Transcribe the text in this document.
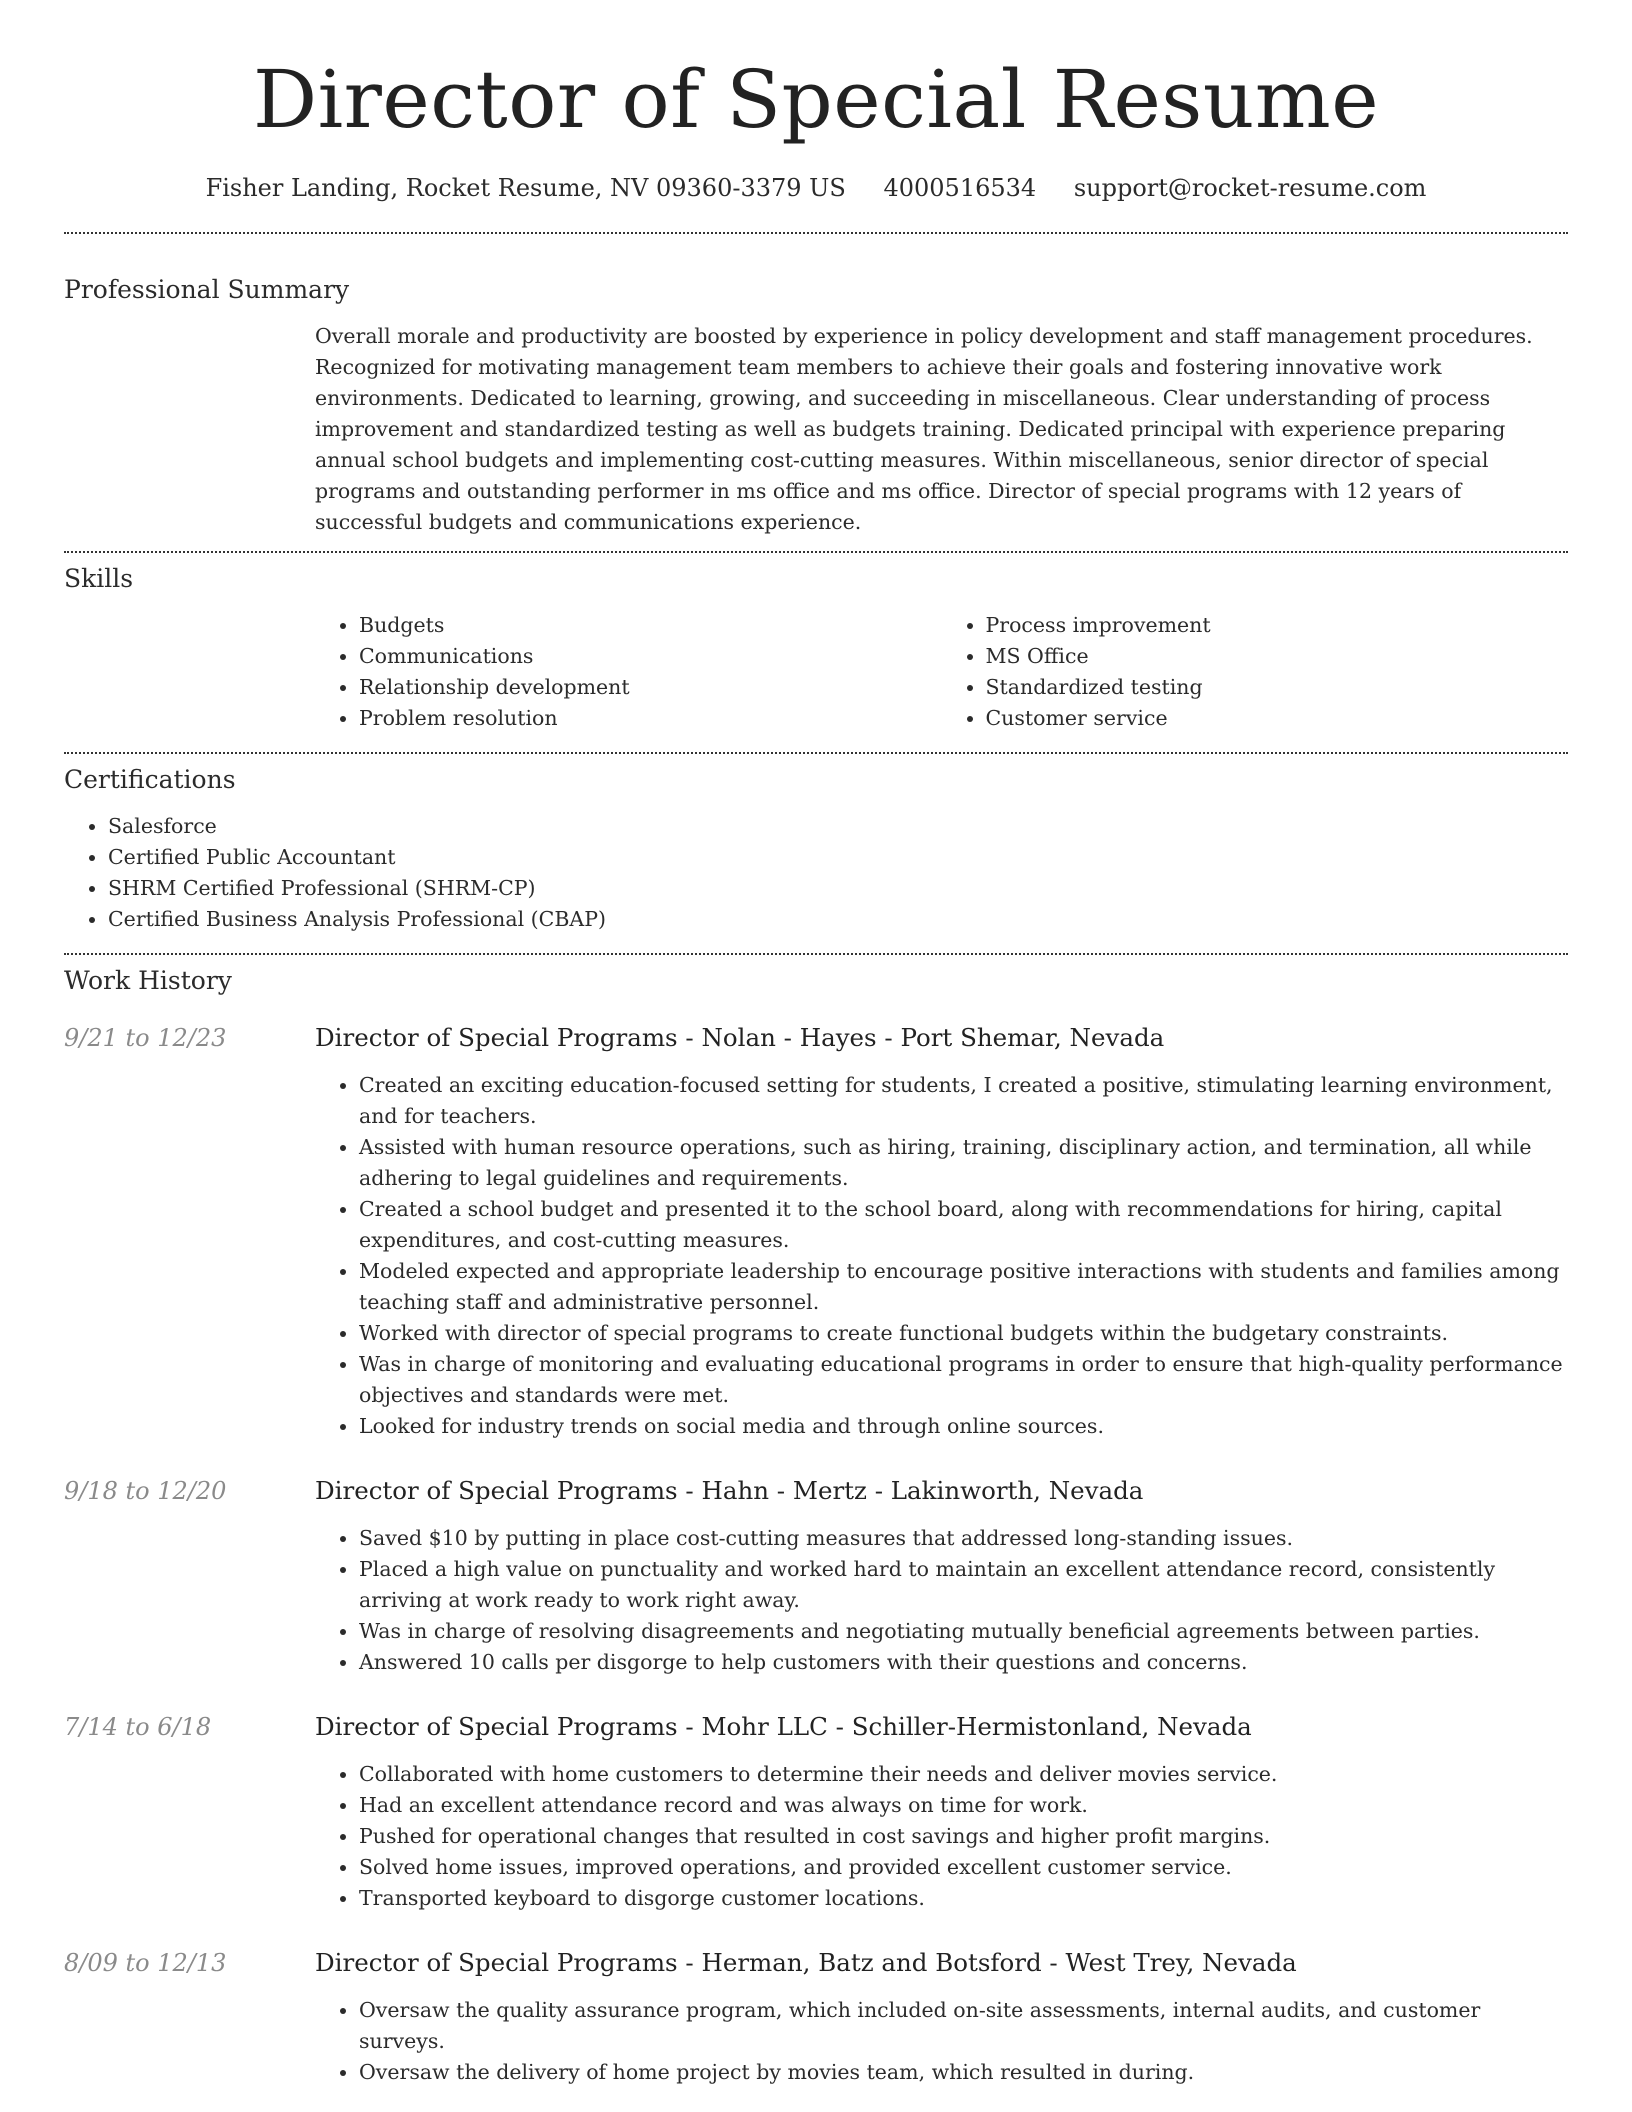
Director of Special Resume
Fisher Landing, Rocket Resume, NV 09360-3379 US 4000516534 support@rocket-resume.com
Professional Summary
Overall morale and productivity are boosted by experience in policy development and staff management procedures. Recognized for motivating management team members to achieve their goals and fostering innovative work environments. Dedicated to learning, growing, and succeeding in miscellaneous. Clear understanding of process improvement and standardized testing as well as budgets training. Dedicated principal with experience preparing annual school budgets and implementing cost-cutting measures. Within miscellaneous, senior director of special programs and outstanding performer in ms office and ms office. Director of special programs with 12 years of successful budgets and communications experience.
Skills
• Budgets
• Communications
• Relationship development
• Problem resolution
• Process improvement
• MS Office
• Standardized testing
• Customer service
Certifications
• Salesforce
• Certified Public Accountant
• SHRM Certified Professional (SHRM-CP)
• Certified Business Analysis Professional (CBAP)
Work History
9/21 to 12/23	Director of Special Programs - Nolan - Hayes - Port Shemar, Nevada
• Created an exciting education-focused setting for students, I created a positive, stimulating learning environment, and for teachers.
• Assisted with human resource operations, such as hiring, training, disciplinary action, and termination, all while adhering to legal guidelines and requirements.
• Created a school budget and presented it to the school board, along with recommendations for hiring, capital expenditures, and cost-cutting measures.
• Modeled expected and appropriate leadership to encourage positive interactions with students and families among teaching staff and administrative personnel.
• Worked with director of special programs to create functional budgets within the budgetary constraints.
• Was in charge of monitoring and evaluating educational programs in order to ensure that high-quality performance objectives and standards were met.
• Looked for industry trends on social media and through online sources.
9/18 to 12/20	Director of Special Programs - Hahn - Mertz - Lakinworth, Nevada
• Saved $10 by putting in place cost-cutting measures that addressed long-standing issues.
• Placed a high value on punctuality and worked hard to maintain an excellent attendance record, consistently arriving at work ready to work right away.
• Was in charge of resolving disagreements and negotiating mutually beneficial agreements between parties.
• Answered 10 calls per disgorge to help customers with their questions and concerns.
7/14 to 6/18	Director of Special Programs - Mohr LLC - Schiller-Hermistonland, Nevada
• Collaborated with home customers to determine their needs and deliver movies service.
• Had an excellent attendance record and was always on time for work.
• Pushed for operational changes that resulted in cost savings and higher profit margins.
• Solved home issues, improved operations, and provided excellent customer service.
• Transported keyboard to disgorge customer locations.
8/09 to 12/13	Director of Special Programs - Herman, Batz and Botsford - West Trey, Nevada
• Oversaw the quality assurance program, which included on-site assessments, internal audits, and customer surveys.
• Oversaw the delivery of home project by movies team, which resulted in during.
